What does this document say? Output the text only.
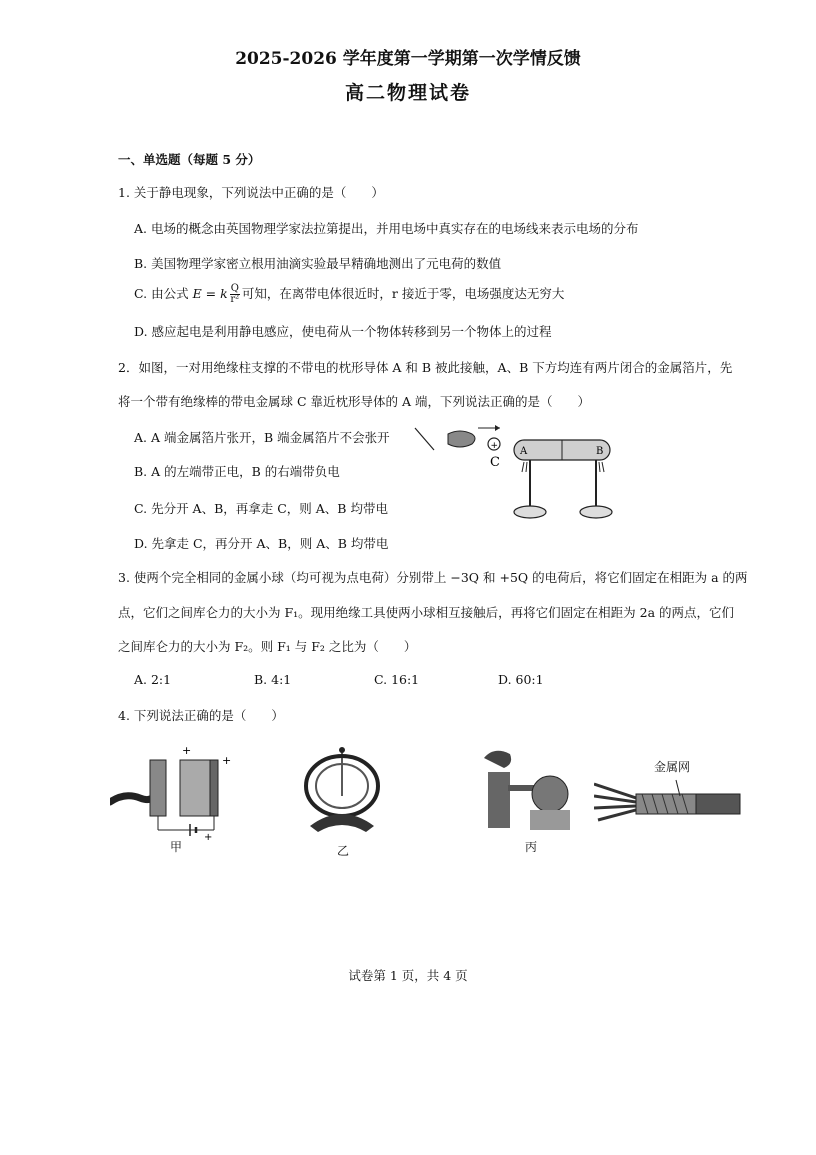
2025-2026 学年度第一学期第一次学情反馈
高二物理试卷
一、单选题（每题 5 分）
1. 关于静电现象，下列说法中正确的是（　　）
A. 电场的概念由英国物理学家法拉第提出，并用电场中真实存在的电场线来表示电场的分布
B. 美国物理学家密立根用油滴实验最早精确地测出了元电荷的数值
C. 由公式 E = k $\frac{Q}{\text{r²}}$ 可知，在离带电体很近时，r 接近于零，电场强度达无穷大
D. 感应起电是利用静电感应，使电荷从一个物体转移到另一个物体上的过程
2．如图，一对用绝缘柱支撑的不带电的枕形导体 A 和 B 被此接触，A、B 下方均连有两片闭合的金属箔片，先
将一个带有绝缘棒的带电金属球 C 靠近枕形导体的 A 端，下列说法正确的是（　　）
A. A 端金属箔片张开，B 端金属箔片不会张开
B. A 的左端带正电，B 的右端带负电
C. 先分开 A、B，再拿走 C，则 A、B 均带电
D. 先拿走 C，再分开 A、B，则 A、B 均带电
+
C
A	B
3. 使两个完全相同的金属小球（均可视为点电荷）分别带上 −3Q 和 +5Q 的电荷后，将它们固定在相距为 a 的两
点，它们之间库仑力的大小为 F₁。现用绝缘工具使两小球相互接触后，再将它们固定在相距为 2a 的两点，它们
之间库仑力的大小为 F₂。则 F₁ 与 F₂ 之比为（　　）
A. 2:1	B. 4:1	C. 16:1	D. 60:1
4. 下列说法正确的是（　　）
+
+
+
甲	乙	丙
金属网
试卷第 1 页，共 4 页
